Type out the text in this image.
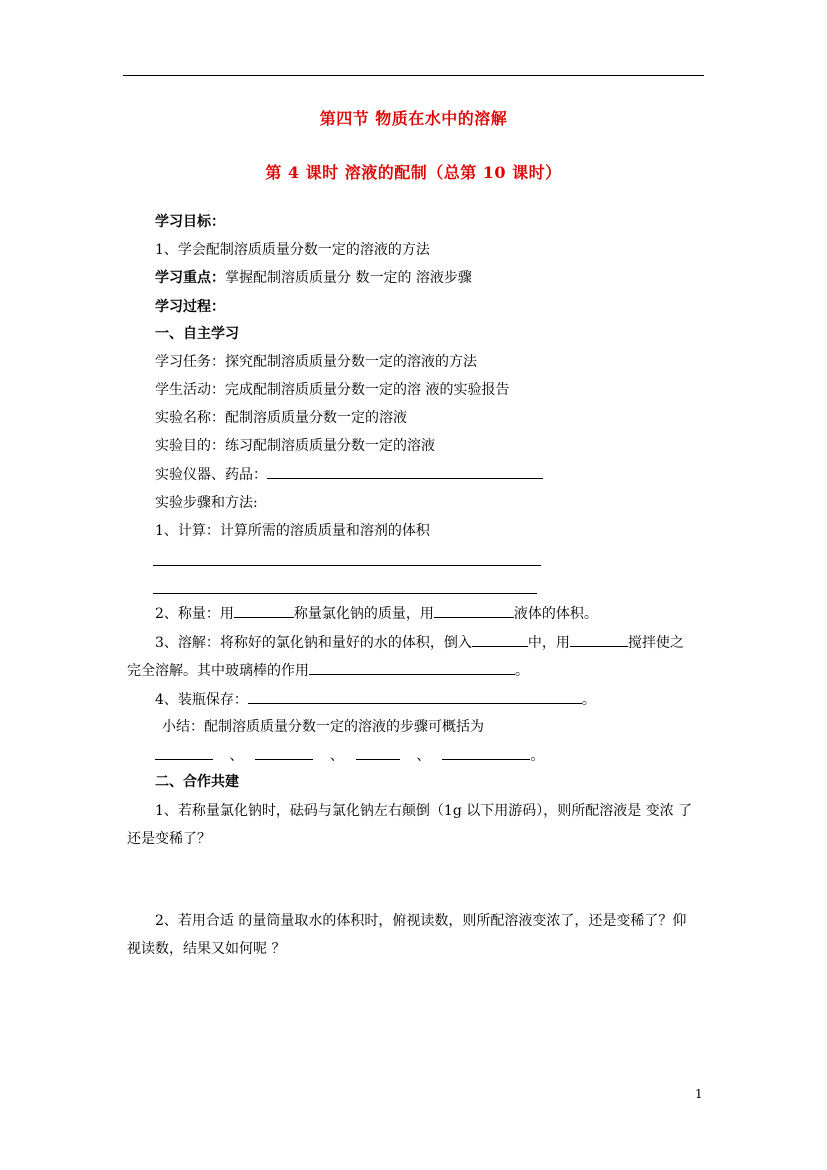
第四节 物质在水中的溶解
第 4 课时 溶液的配制（总第 10 课时）
学习目标：
1、学会配制溶质质量分数一定的溶液的方法
学习重点：掌握配制溶质质量分 数一定的 溶液步骤
学习过程：
一、自主学习
学习任务：探究配制溶质质量分数一定的溶液的方法
学生活动：完成配制溶质质量分数一定的溶 液的实验报告
实验名称：配制溶质质量分数一定的溶液
实验目的：练习配制溶质质量分数一定的溶液
实验仪器、药品：
实验步骤和方法:
1、计算：计算所需的溶质质量和溶剂的体积
2、称量：用	称量氯化钠的质量，用	液体的体积。
3、溶解：将称好的氯化钠和量好的水的体积，倒入	中，用	搅拌使之
完全溶解。其中玻璃棒的作用	。
4、装瓶保存：	。
小结：配制溶质质量分数一定的溶液的步骤可概括为
、	、	、	。
二、合作共建
1、若称量氯化钠时，砝码与氯化钠左右颠倒（1g 以下用游码），则所配溶液是 变浓 了
还是变稀了？
2、若用合适 的量筒量取水的体积时，俯视读数，则所配溶液变浓了，还是变稀了？仰
视读数，结果又如何呢 ？
1
